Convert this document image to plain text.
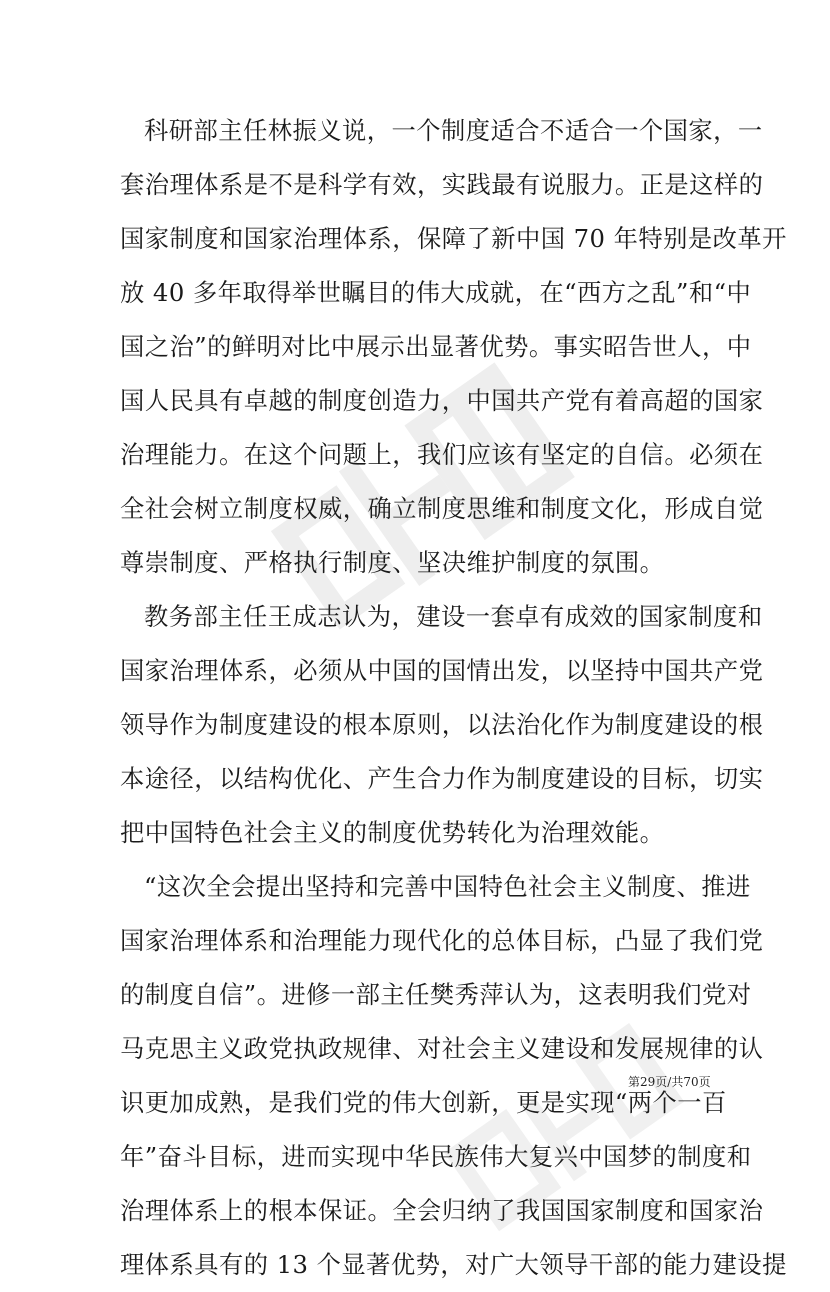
科研部主任林振义说，一个制度适合不适合一个国家，一
套治理体系是不是科学有效，实践最有说服力。正是这样的
国家制度和国家治理体系，保障了新中国 70 年特别是改革开
放 40 多年取得举世瞩目的伟大成就，在“西方之乱”和“中
国之治”的鲜明对比中展示出显著优势。事实昭告世人，中
国人民具有卓越的制度创造力，中国共产党有着高超的国家
治理能力。在这个问题上，我们应该有坚定的自信。必须在
全社会树立制度权威，确立制度思维和制度文化，形成自觉
尊崇制度、严格执行制度、坚决维护制度的氛围。
教务部主任王成志认为，建设一套卓有成效的国家制度和
国家治理体系，必须从中国的国情出发，以坚持中国共产党
领导作为制度建设的根本原则，以法治化作为制度建设的根
本途径，以结构优化、产生合力作为制度建设的目标，切实
把中国特色社会主义的制度优势转化为治理效能。
“这次全会提出坚持和完善中国特色社会主义制度、推进
国家治理体系和治理能力现代化的总体目标，凸显了我们党
的制度自信”。进修一部主任樊秀萍认为，这表明我们党对
马克思主义政党执政规律、对社会主义建设和发展规律的认
识更加成熟，是我们党的伟大创新，更是实现“两个一百
年”奋斗目标，进而实现中华民族伟大复兴中国梦的制度和
治理体系上的根本保证。全会归纳了我国国家制度和国家治
理体系具有的 13 个显著优势，对广大领导干部的能力建设提
第29页/共70页
